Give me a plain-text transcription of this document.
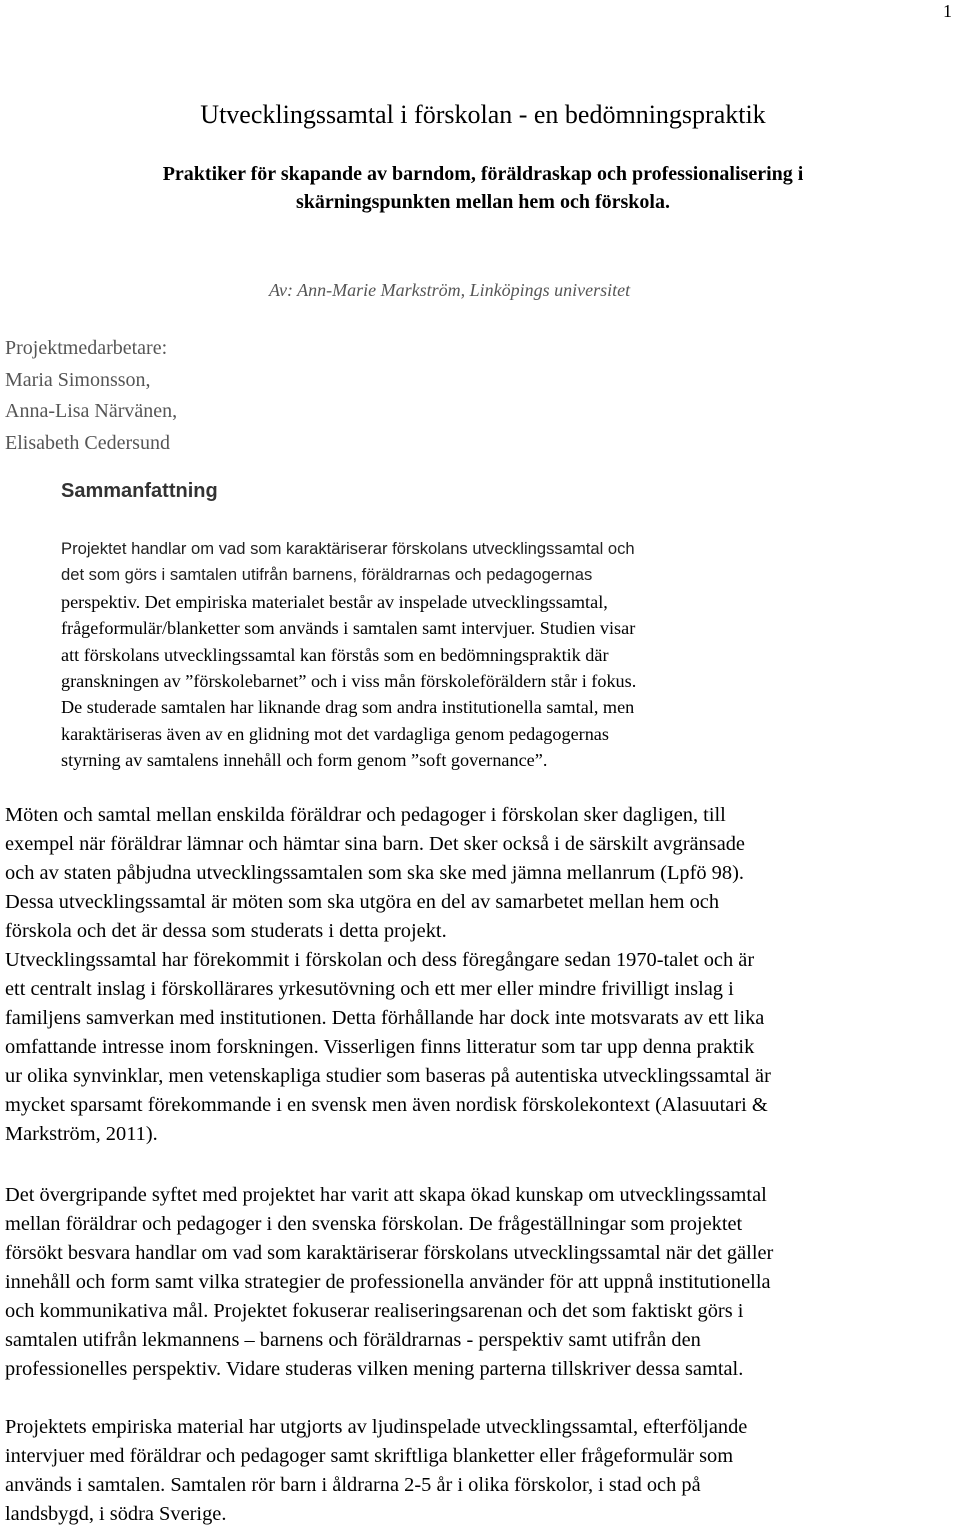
1
Utvecklingssamtal i förskolan - en bedömningspraktik
Praktiker för skapande av barndom, föräldraskap och professionalisering i
skärningspunkten mellan hem och förskola.
Av: Ann-Marie Markström, Linköpings universitet
Projektmedarbetare:
Maria Simonsson,
Anna-Lisa Närvänen,
Elisabeth Cedersund
Sammanfattning
Projektet handlar om vad som karaktäriserar förskolans utvecklingssamtal och
det som görs i samtalen utifrån barnens, föräldrarnas och pedagogernas
perspektiv. Det empiriska materialet består av inspelade utvecklingssamtal,
frågeformulär/blanketter som används i samtalen samt intervjuer. Studien visar
att förskolans utvecklingssamtal kan förstås som en bedömningspraktik där
granskningen av ”förskolebarnet” och i viss mån förskoleföräldern står i fokus.
De studerade samtalen har liknande drag som andra institutionella samtal, men
karaktäriseras även av en glidning mot det vardagliga genom pedagogernas
styrning av samtalens innehåll och form genom ”soft governance”.
Möten och samtal mellan enskilda föräldrar och pedagoger i förskolan sker dagligen, till
exempel när föräldrar lämnar och hämtar sina barn. Det sker också i de särskilt avgränsade
och av staten påbjudna utvecklingssamtalen som ska ske med jämna mellanrum (Lpfö 98).
Dessa utvecklingssamtal är möten som ska utgöra en del av samarbetet mellan hem och
förskola och det är dessa som studerats i detta projekt.
Utvecklingssamtal har förekommit i förskolan och dess föregångare sedan 1970-talet och är
ett centralt inslag i förskollärares yrkesutövning och ett mer eller mindre frivilligt inslag i
familjens samverkan med institutionen. Detta förhållande har dock inte motsvarats av ett lika
omfattande intresse inom forskningen. Visserligen finns litteratur som tar upp denna praktik
ur olika synvinklar, men vetenskapliga studier som baseras på autentiska utvecklingssamtal är
mycket sparsamt förekommande i en svensk men även nordisk förskolekontext (Alasuutari &
Markström, 2011).
Det övergripande syftet med projektet har varit att skapa ökad kunskap om utvecklingssamtal
mellan föräldrar och pedagoger i den svenska förskolan. De frågeställningar som projektet
försökt besvara handlar om vad som karaktäriserar förskolans utvecklingssamtal när det gäller
innehåll och form samt vilka strategier de professionella använder för att uppnå institutionella
och kommunikativa mål. Projektet fokuserar realiseringsarenan och det som faktiskt görs i
samtalen utifrån lekmannens – barnens och föräldrarnas - perspektiv samt utifrån den
professionelles perspektiv. Vidare studeras vilken mening parterna tillskriver dessa samtal.
Projektets empiriska material har utgjorts av ljudinspelade utvecklingssamtal, efterföljande
intervjuer med föräldrar och pedagoger samt skriftliga blanketter eller frågeformulär som
används i samtalen. Samtalen rör barn i åldrarna 2-5 år i olika förskolor, i stad och på
landsbygd, i södra Sverige.
